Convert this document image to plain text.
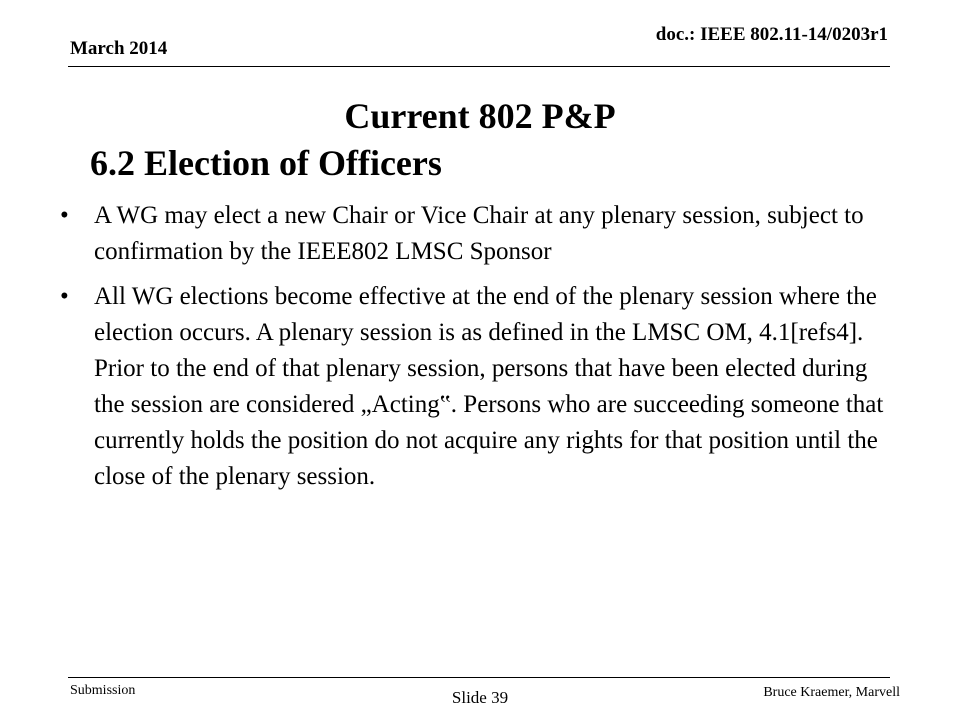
March 2014
doc.: IEEE 802.11-14/0203r1
Current 802 P&P
6.2 Election of Officers
• A WG may elect a new Chair or Vice Chair at any plenary session, subject to confirmation by the IEEE802 LMSC Sponsor
• All WG elections become effective at the end of the plenary session where the election occurs. A plenary session is as defined in the LMSC OM, 4.1[refs4]. Prior to the end of that plenary session, persons that have been elected during the session are considered „Acting‟. Persons who are succeeding someone that currently holds the position do not acquire any rights for that position until the close of the plenary session.
Submission	Slide 39	Bruce Kraemer, Marvell
